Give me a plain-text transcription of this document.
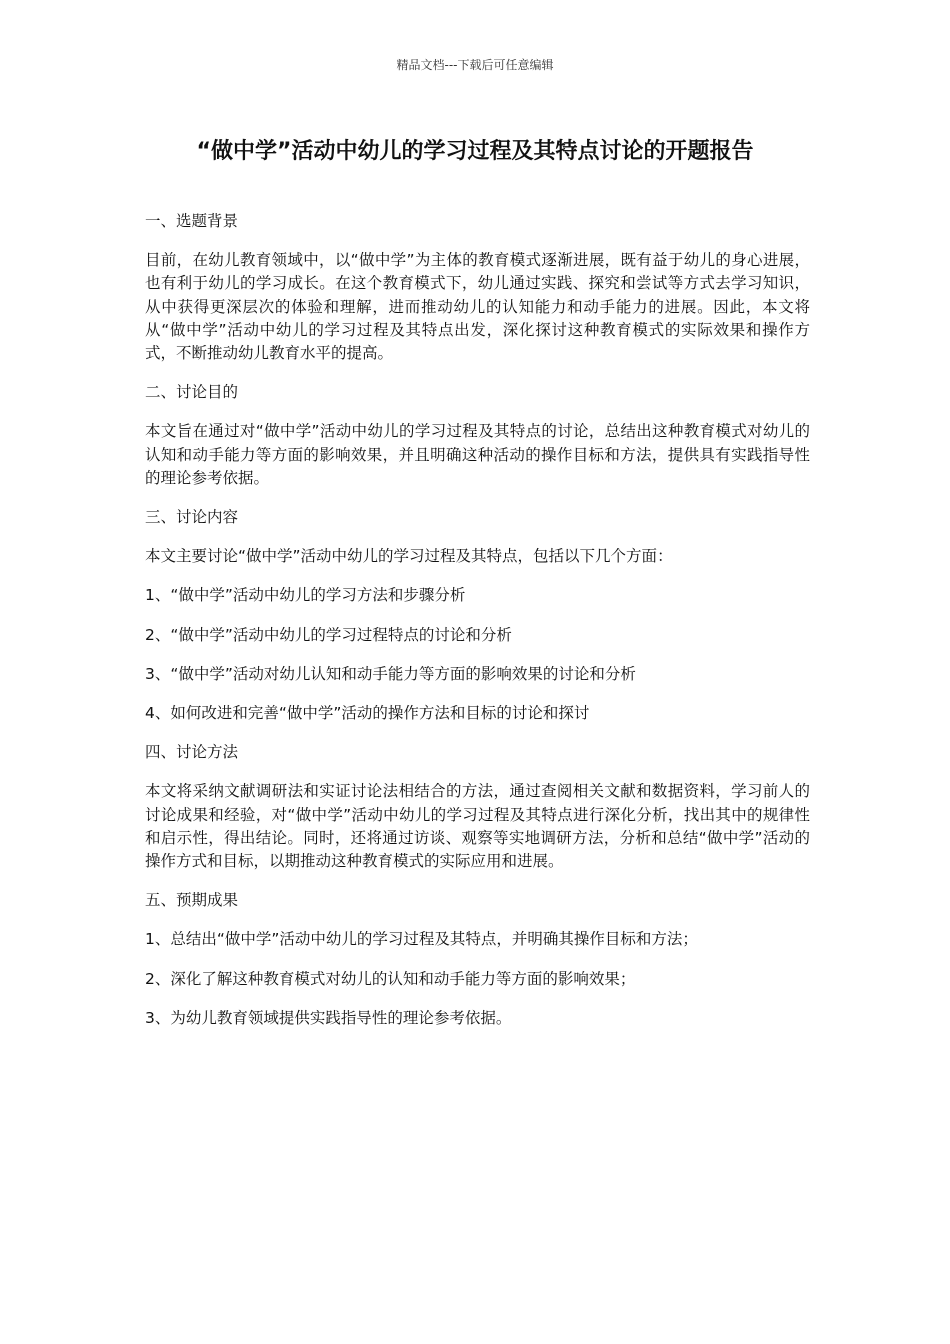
精品文档---下载后可任意编辑
“做中学”活动中幼儿的学习过程及其特点讨论的开题报告

一、选题背景

目前，在幼儿教育领域中，以“做中学”为主体的教育模式逐渐进展，既有益于幼儿的身心进展，也有利于幼儿的学习成长。在这个教育模式下，幼儿通过实践、探究和尝试等方式去学习知识，从中获得更深层次的体验和理解，进而推动幼儿的认知能力和动手能力的进展。因此，本文将从“做中学”活动中幼儿的学习过程及其特点出发，深化探讨这种教育模式的实际效果和操作方式，不断推动幼儿教育水平的提高。

二、讨论目的

本文旨在通过对“做中学”活动中幼儿的学习过程及其特点的讨论，总结出这种教育模式对幼儿的认知和动手能力等方面的影响效果，并且明确这种活动的操作目标和方法，提供具有实践指导性的理论参考依据。

三、讨论内容

本文主要讨论“做中学”活动中幼儿的学习过程及其特点，包括以下几个方面：

1、“做中学”活动中幼儿的学习方法和步骤分析

2、“做中学”活动中幼儿的学习过程特点的讨论和分析

3、“做中学”活动对幼儿认知和动手能力等方面的影响效果的讨论和分析

4、如何改进和完善“做中学”活动的操作方法和目标的讨论和探讨

四、讨论方法

本文将采纳文献调研法和实证讨论法相结合的方法，通过查阅相关文献和数据资料，学习前人的讨论成果和经验，对“做中学”活动中幼儿的学习过程及其特点进行深化分析，找出其中的规律性和启示性，得出结论。同时，还将通过访谈、观察等实地调研方法，分析和总结“做中学”活动的操作方式和目标，以期推动这种教育模式的实际应用和进展。

五、预期成果

1、总结出“做中学”活动中幼儿的学习过程及其特点，并明确其操作目标和方法；

2、深化了解这种教育模式对幼儿的认知和动手能力等方面的影响效果；

3、为幼儿教育领域提供实践指导性的理论参考依据。
